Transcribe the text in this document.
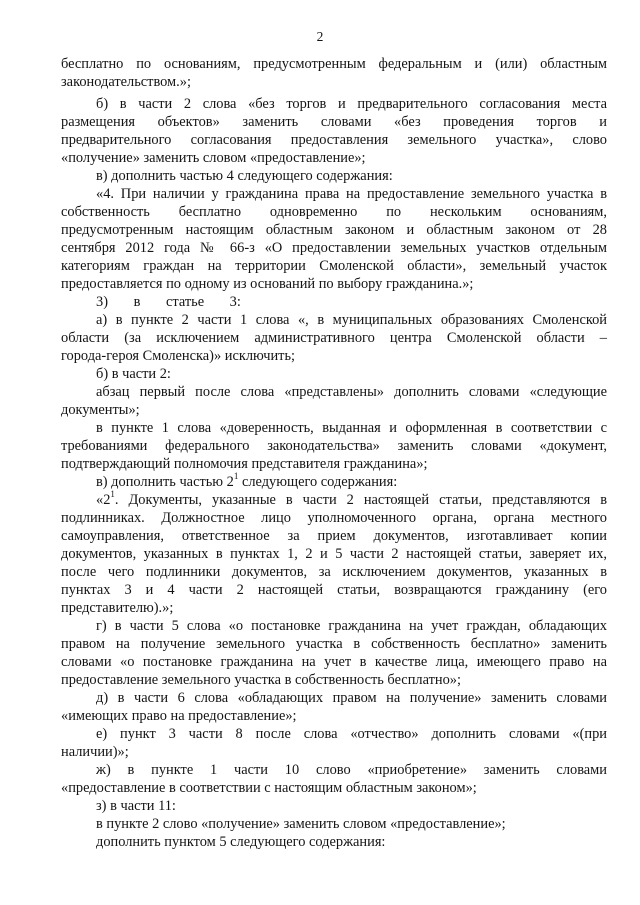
2
бесплатно по основаниям, предусмотренным федеральным и (или) областным
законодательством.»;
б) в части 2 слова «без торгов и предварительного согласования места
размещения объектов» заменить словами «без проведения торгов и
предварительного согласования предоставления земельного участка», слово
«получение» заменить словом «предоставление»;
в) дополнить частью 4 следующего содержания:
«4. При наличии у гражданина права на предоставление земельного участка в
собственность бесплатно одновременно по нескольким основаниям,
предусмотренным настоящим областным законом и областным законом от 28
сентября 2012 года № 66-з «О предоставлении земельных участков отдельным
категориям граждан на территории Смоленской области», земельный участок
предоставляется по одному из оснований по выбору гражданина.»;
3) в статье 3:
а) в пункте 2 части 1 слова «, в муниципальных образованиях Смоленской
области (за исключением административного центра Смоленской области –
города-героя Смоленска)» исключить;
б) в части 2:
абзац первый после слова «представлены» дополнить словами «следующие
документы»;
в пункте 1 слова «доверенность, выданная и оформленная в соответствии с
требованиями федерального законодательства» заменить словами «документ,
подтверждающий полномочия представителя гражданина»;
в) дополнить частью $2^1$ следующего содержания:
«$2^1$. Документы, указанные в части 2 настоящей статьи, представляются в
подлинниках. Должностное лицо уполномоченного органа, органа местного
самоуправления, ответственное за прием документов, изготавливает копии
документов, указанных в пунктах 1, 2 и 5 части 2 настоящей статьи, заверяет их,
после чего подлинники документов, за исключением документов, указанных в
пунктах 3 и 4 части 2 настоящей статьи, возвращаются гражданину (его
представителю).»;
г) в части 5 слова «о постановке гражданина на учет граждан, обладающих
правом на получение земельного участка в собственность бесплатно» заменить
словами «о постановке гражданина на учет в качестве лица, имеющего право на
предоставление земельного участка в собственность бесплатно»;
д) в части 6 слова «обладающих правом на получение» заменить словами
«имеющих право на предоставление»;
е) пункт 3 части 8 после слова «отчество» дополнить словами «(при
наличии)»;
ж) в пункте 1 части 10 слово «приобретение» заменить словами
«предоставление в соответствии с настоящим областным законом»;
з) в части 11:
в пункте 2 слово «получение» заменить словом «предоставление»;
дополнить пунктом 5 следующего содержания:
